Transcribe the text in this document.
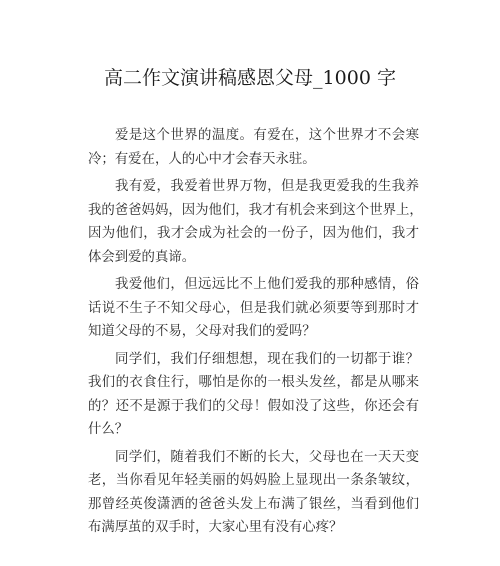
高二作文演讲稿感恩父母_1000 字
爱是这个世界的温度。有爱在，这个世界才不会寒
冷；有爱在，人的心中才会春天永驻。
我有爱，我爱着世界万物，但是我更爱我的生我养
我的爸爸妈妈，因为他们，我才有机会来到这个世界上，
因为他们，我才会成为社会的一份子，因为他们，我才
体会到爱的真谛。
我爱他们，但远远比不上他们爱我的那种感情，俗
话说不生子不知父母心，但是我们就必须要等到那时才
知道父母的不易，父母对我们的爱吗？
同学们，我们仔细想想，现在我们的一切都于谁？
我们的衣食住行，哪怕是你的一根头发丝，都是从哪来
的？还不是源于我们的父母！假如没了这些，你还会有
什么？
同学们，随着我们不断的长大，父母也在一天天变
老，当你看见年轻美丽的妈妈脸上显现出一条条皱纹，
那曾经英俊潇洒的爸爸头发上布满了银丝，当看到他们
布满厚茧的双手时，大家心里有没有心疼？
